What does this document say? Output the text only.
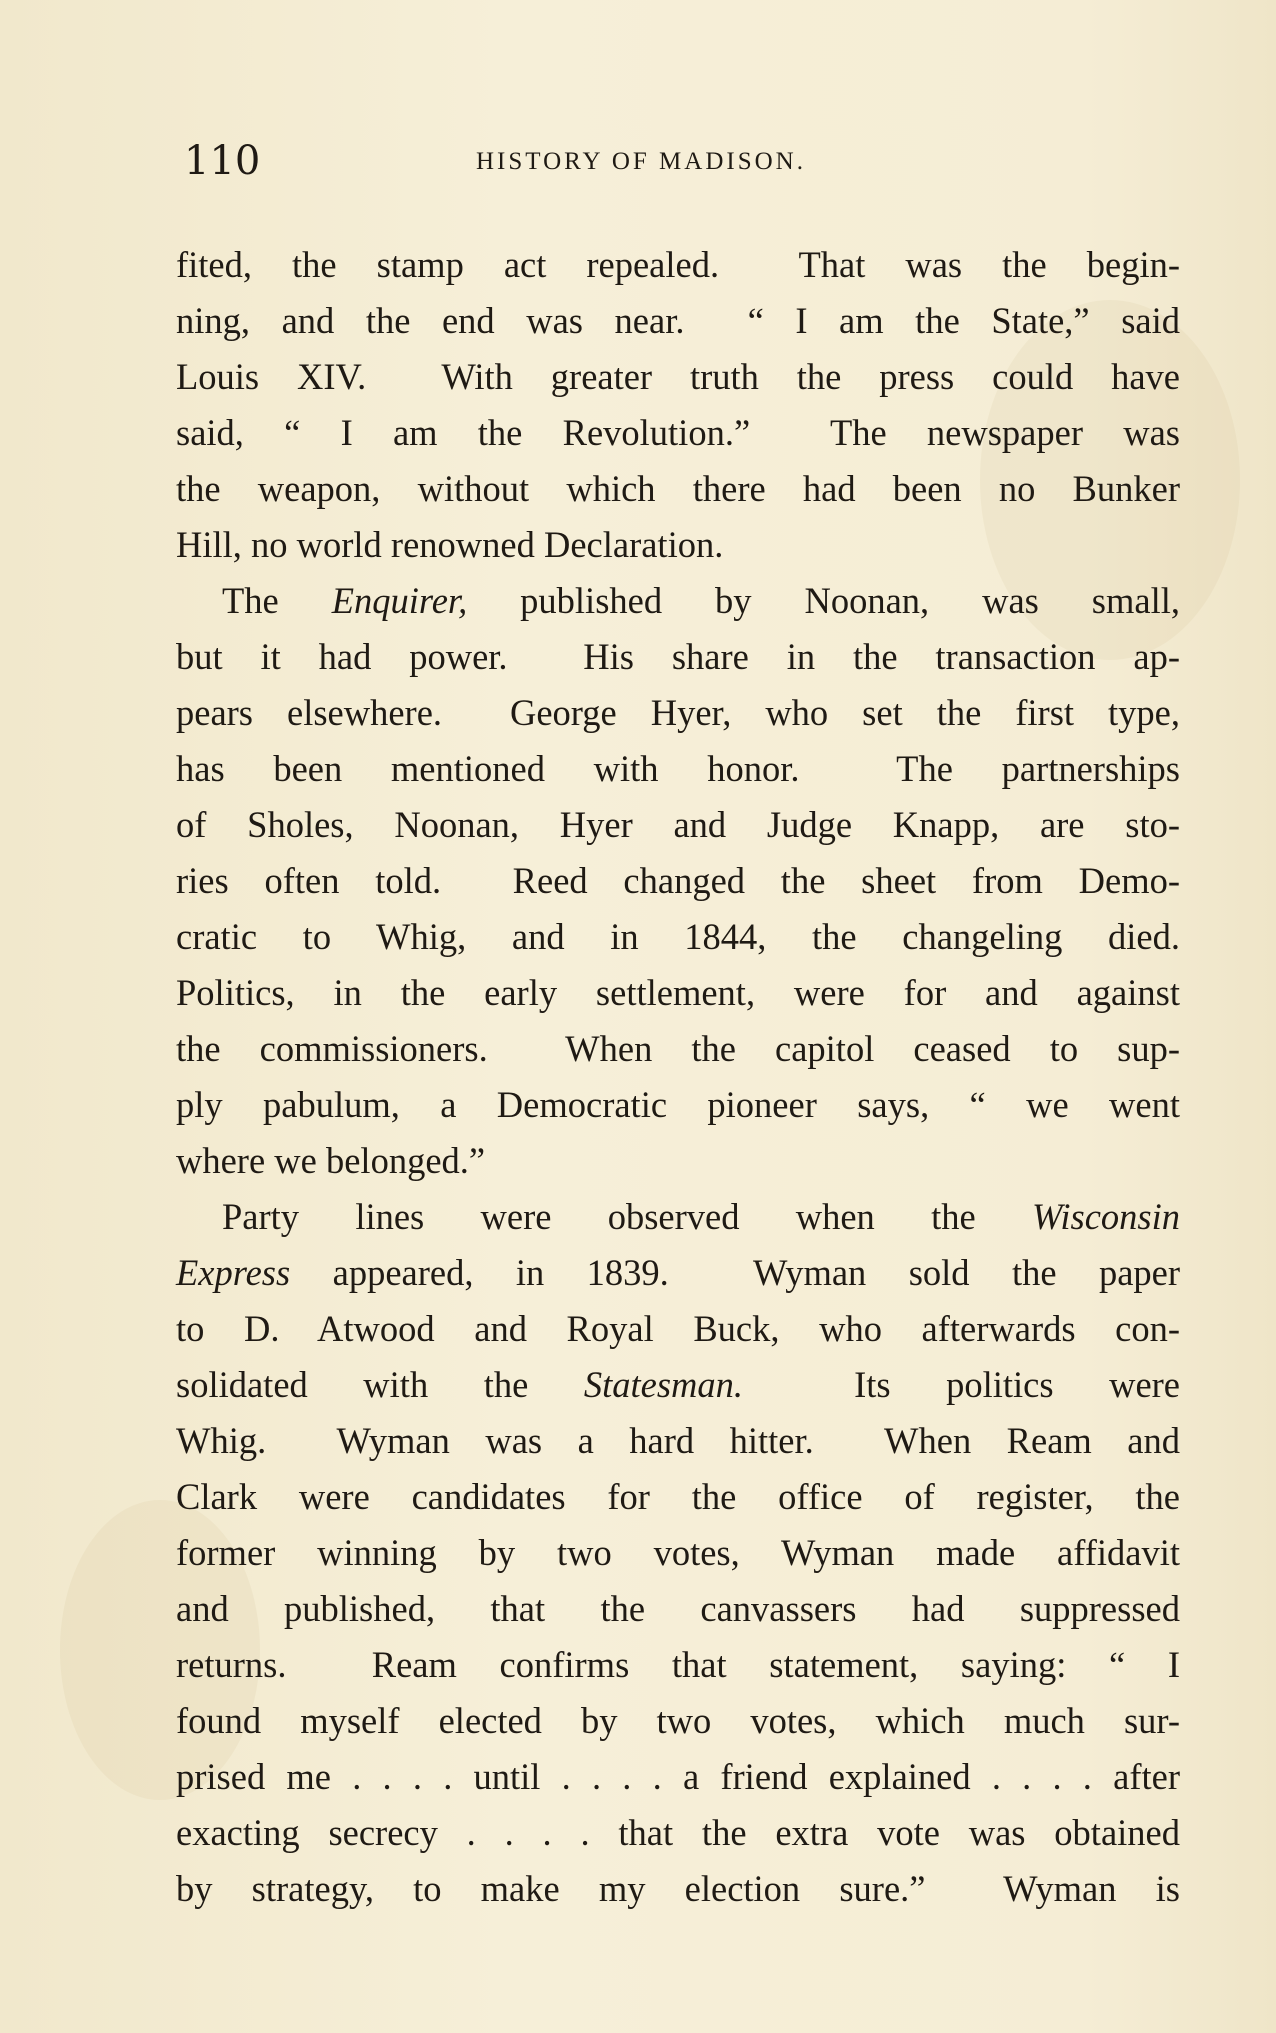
110	HISTORY OF MADISON.
fited, the stamp act repealed.  That was the begin-
ning, and the end was near.  “ I am the State,” said
Louis XIV.  With greater truth the press could have
said, “ I am the Revolution.”  The newspaper was
the weapon, without which there had been no Bunker
Hill, no world renowned Declaration.
The Enquirer, published by Noonan, was small,
but it had power.  His share in the transaction ap-
pears elsewhere.  George Hyer, who set the first type,
has been mentioned with honor.  The partnerships
of Sholes, Noonan, Hyer and Judge Knapp, are sto-
ries often told.  Reed changed the sheet from Demo-
cratic to Whig, and in 1844, the changeling died.
Politics, in the early settlement, were for and against
the commissioners.  When the capitol ceased to sup-
ply pabulum, a Democratic pioneer says, “ we went
where we belonged.”
Party lines were observed when the Wisconsin
Express appeared, in 1839.  Wyman sold the paper
to D. Atwood and Royal Buck, who afterwards con-
solidated with the Statesman.  Its politics were
Whig.  Wyman was a hard hitter.  When Ream and
Clark were candidates for the office of register, the
former winning by two votes, Wyman made affidavit
and published, that the canvassers had suppressed
returns.  Ream confirms that statement, saying: “ I
found myself elected by two votes, which much sur-
prised me . . . . until . . . . a friend explained . . . . after
exacting secrecy . . . . that the extra vote was obtained
by strategy, to make my election sure.”  Wyman is
